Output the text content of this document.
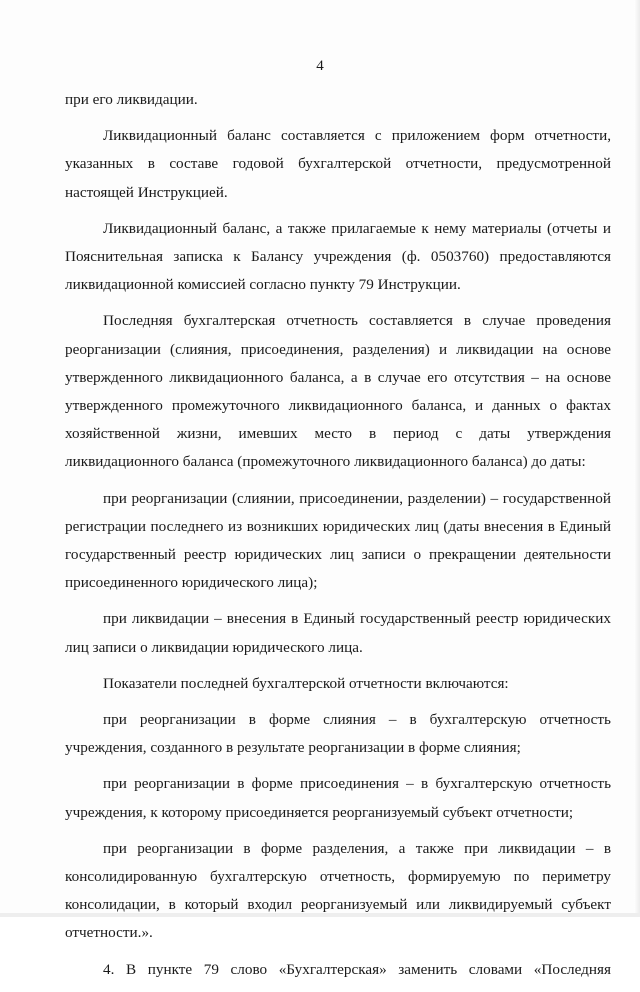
4

при его ликвидации.

Ликвидационный баланс составляется с приложением форм отчетности, указанных в составе годовой бухгалтерской отчетности, предусмотренной настоящей Инструкцией.

Ликвидационный баланс, а также прилагаемые к нему материалы (отчеты и Пояснительная записка к Балансу учреждения (ф. 0503760) предоставляются ликвидационной комиссией согласно пункту 79 Инструкции.

Последняя бухгалтерская отчетность составляется в случае проведения реорганизации (слияния, присоединения, разделения) и ликвидации на основе утвержденного ликвидационного баланса, а в случае его отсутствия – на основе утвержденного промежуточного ликвидационного баланса, и данных о фактах хозяйственной жизни, имевших место в период с даты утверждения ликвидационного баланса (промежуточного ликвидационного баланса) до даты:

при реорганизации (слиянии, присоединении, разделении) – государственной регистрации последнего из возникших юридических лиц (даты внесения в Единый государственный реестр юридических лиц записи о прекращении деятельности присоединенного юридического лица);

при ликвидации – внесения в Единый государственный реестр юридических лиц записи о ликвидации юридического лица.

Показатели последней бухгалтерской отчетности включаются:

при реорганизации в форме слияния – в бухгалтерскую отчетность учреждения, созданного в результате реорганизации в форме слияния;

при реорганизации в форме присоединения – в бухгалтерскую отчетность учреждения, к которому присоединяется реорганизуемый субъект отчетности;

при реорганизации в форме разделения, а также при ликвидации – в консолидированную бухгалтерскую отчетность, формируемую по периметру консолидации, в который входил реорганизуемый или ликвидируемый субъект отчетности.».

4. В пункте 79 слово «Бухгалтерская» заменить словами «Последняя
